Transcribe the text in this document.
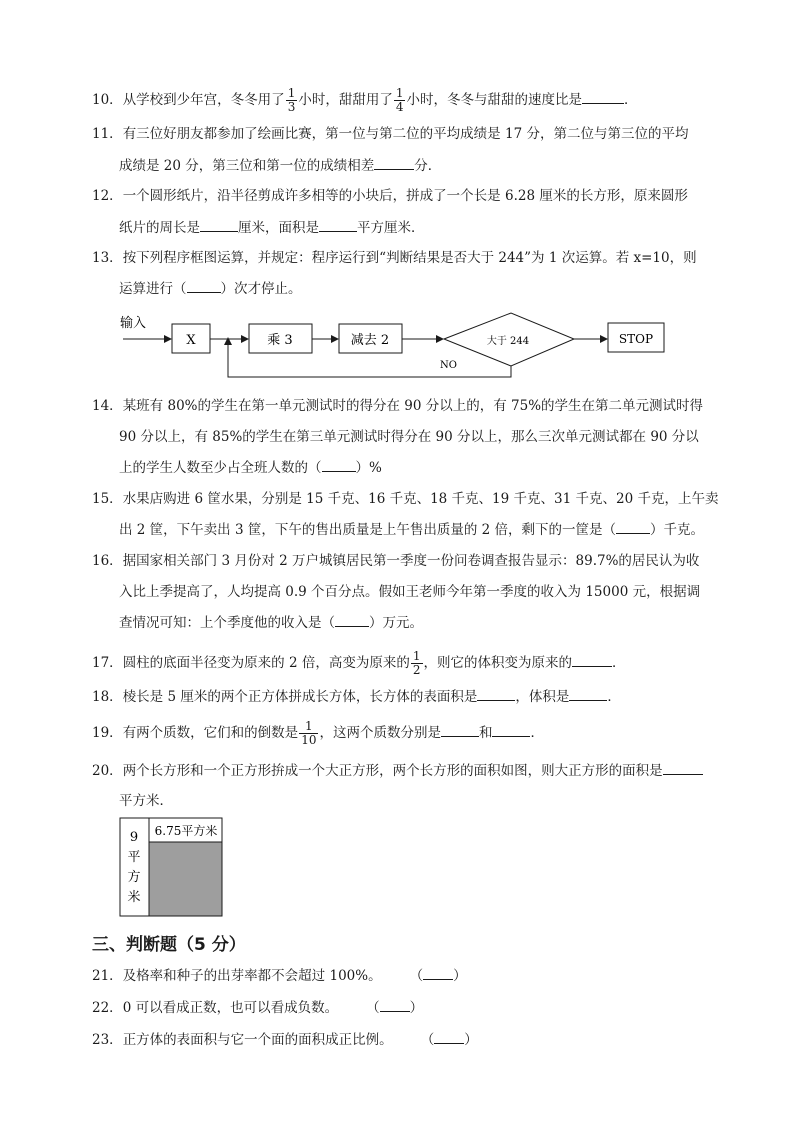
10．从学校到少年宫，冬冬用了 $\frac{1}{3}$ 小时，甜甜用了 $\frac{1}{4}$ 小时，冬冬与甜甜的速度比是	．
11．有三位好朋友都参加了绘画比赛，第一位与第二位的平均成绩是 17 分，第二位与第三位的平均
成绩是 20 分，第三位和第一位的成绩相差	分．
12．一个圆形纸片，沿半径剪成许多相等的小块后，拼成了一个长是 6.28 厘米的长方形，原来圆形
纸片的周长是	厘米，面积是	平方厘米．
13．按下列程序框图运算，并规定：程序运行到“判断结果是否大于 244”为 1 次运算。若 x=10，则
运算进行（	）次才停止。
输入
X	乘 3	减去 2	大于 244	STOP
NO
14．某班有 80%的学生在第一单元测试时的得分在 90 分以上的，有 75%的学生在第二单元测试时得
90 分以上，有 85%的学生在第三单元测试时得分在 90 分以上，那么三次单元测试都在 90 分以
上的学生人数至少占全班人数的（	）%
15．水果店购进 6 筐水果，分别是 15 千克、16 千克、18 千克、19 千克、31 千克、20 千克，上午卖
出 2 筐，下午卖出 3 筐，下午的售出质量是上午售出质量的 2 倍，剩下的一筐是（	）千克。
16．据国家相关部门 3 月份对 2 万户城镇居民第一季度一份问卷调查报告显示：89.7%的居民认为收
入比上季提高了，人均提高 0.9 个百分点。假如王老师今年第一季度的收入为 15000 元，根据调
查情况可知：上个季度他的收入是（	）万元。
17．圆柱的底面半径变为原来的 2 倍，高变为原来的 $\frac{1}{2}$ ，则它的体积变为原来的	．
18．棱长是 5 厘米的两个正方体拼成长方体，长方体的表面积是	，体积是	．
19．有两个质数，它们和的倒数是 $\frac{1}{10}$ ，这两个质数分别是	和	．
20．两个长方形和一个正方形拚成一个大正方形，两个长方形的面积如图，则大正方形的面积是
平方米．
9
平
方
米
6.75平方米
三、判断题（5 分）
21．及格率和种子的出芽率都不会超过 100%。 （ ）
22．0 可以看成正数，也可以看成负数。 （ ）
23．正方体的表面积与它一个面的面积成正比例。 （ ）
